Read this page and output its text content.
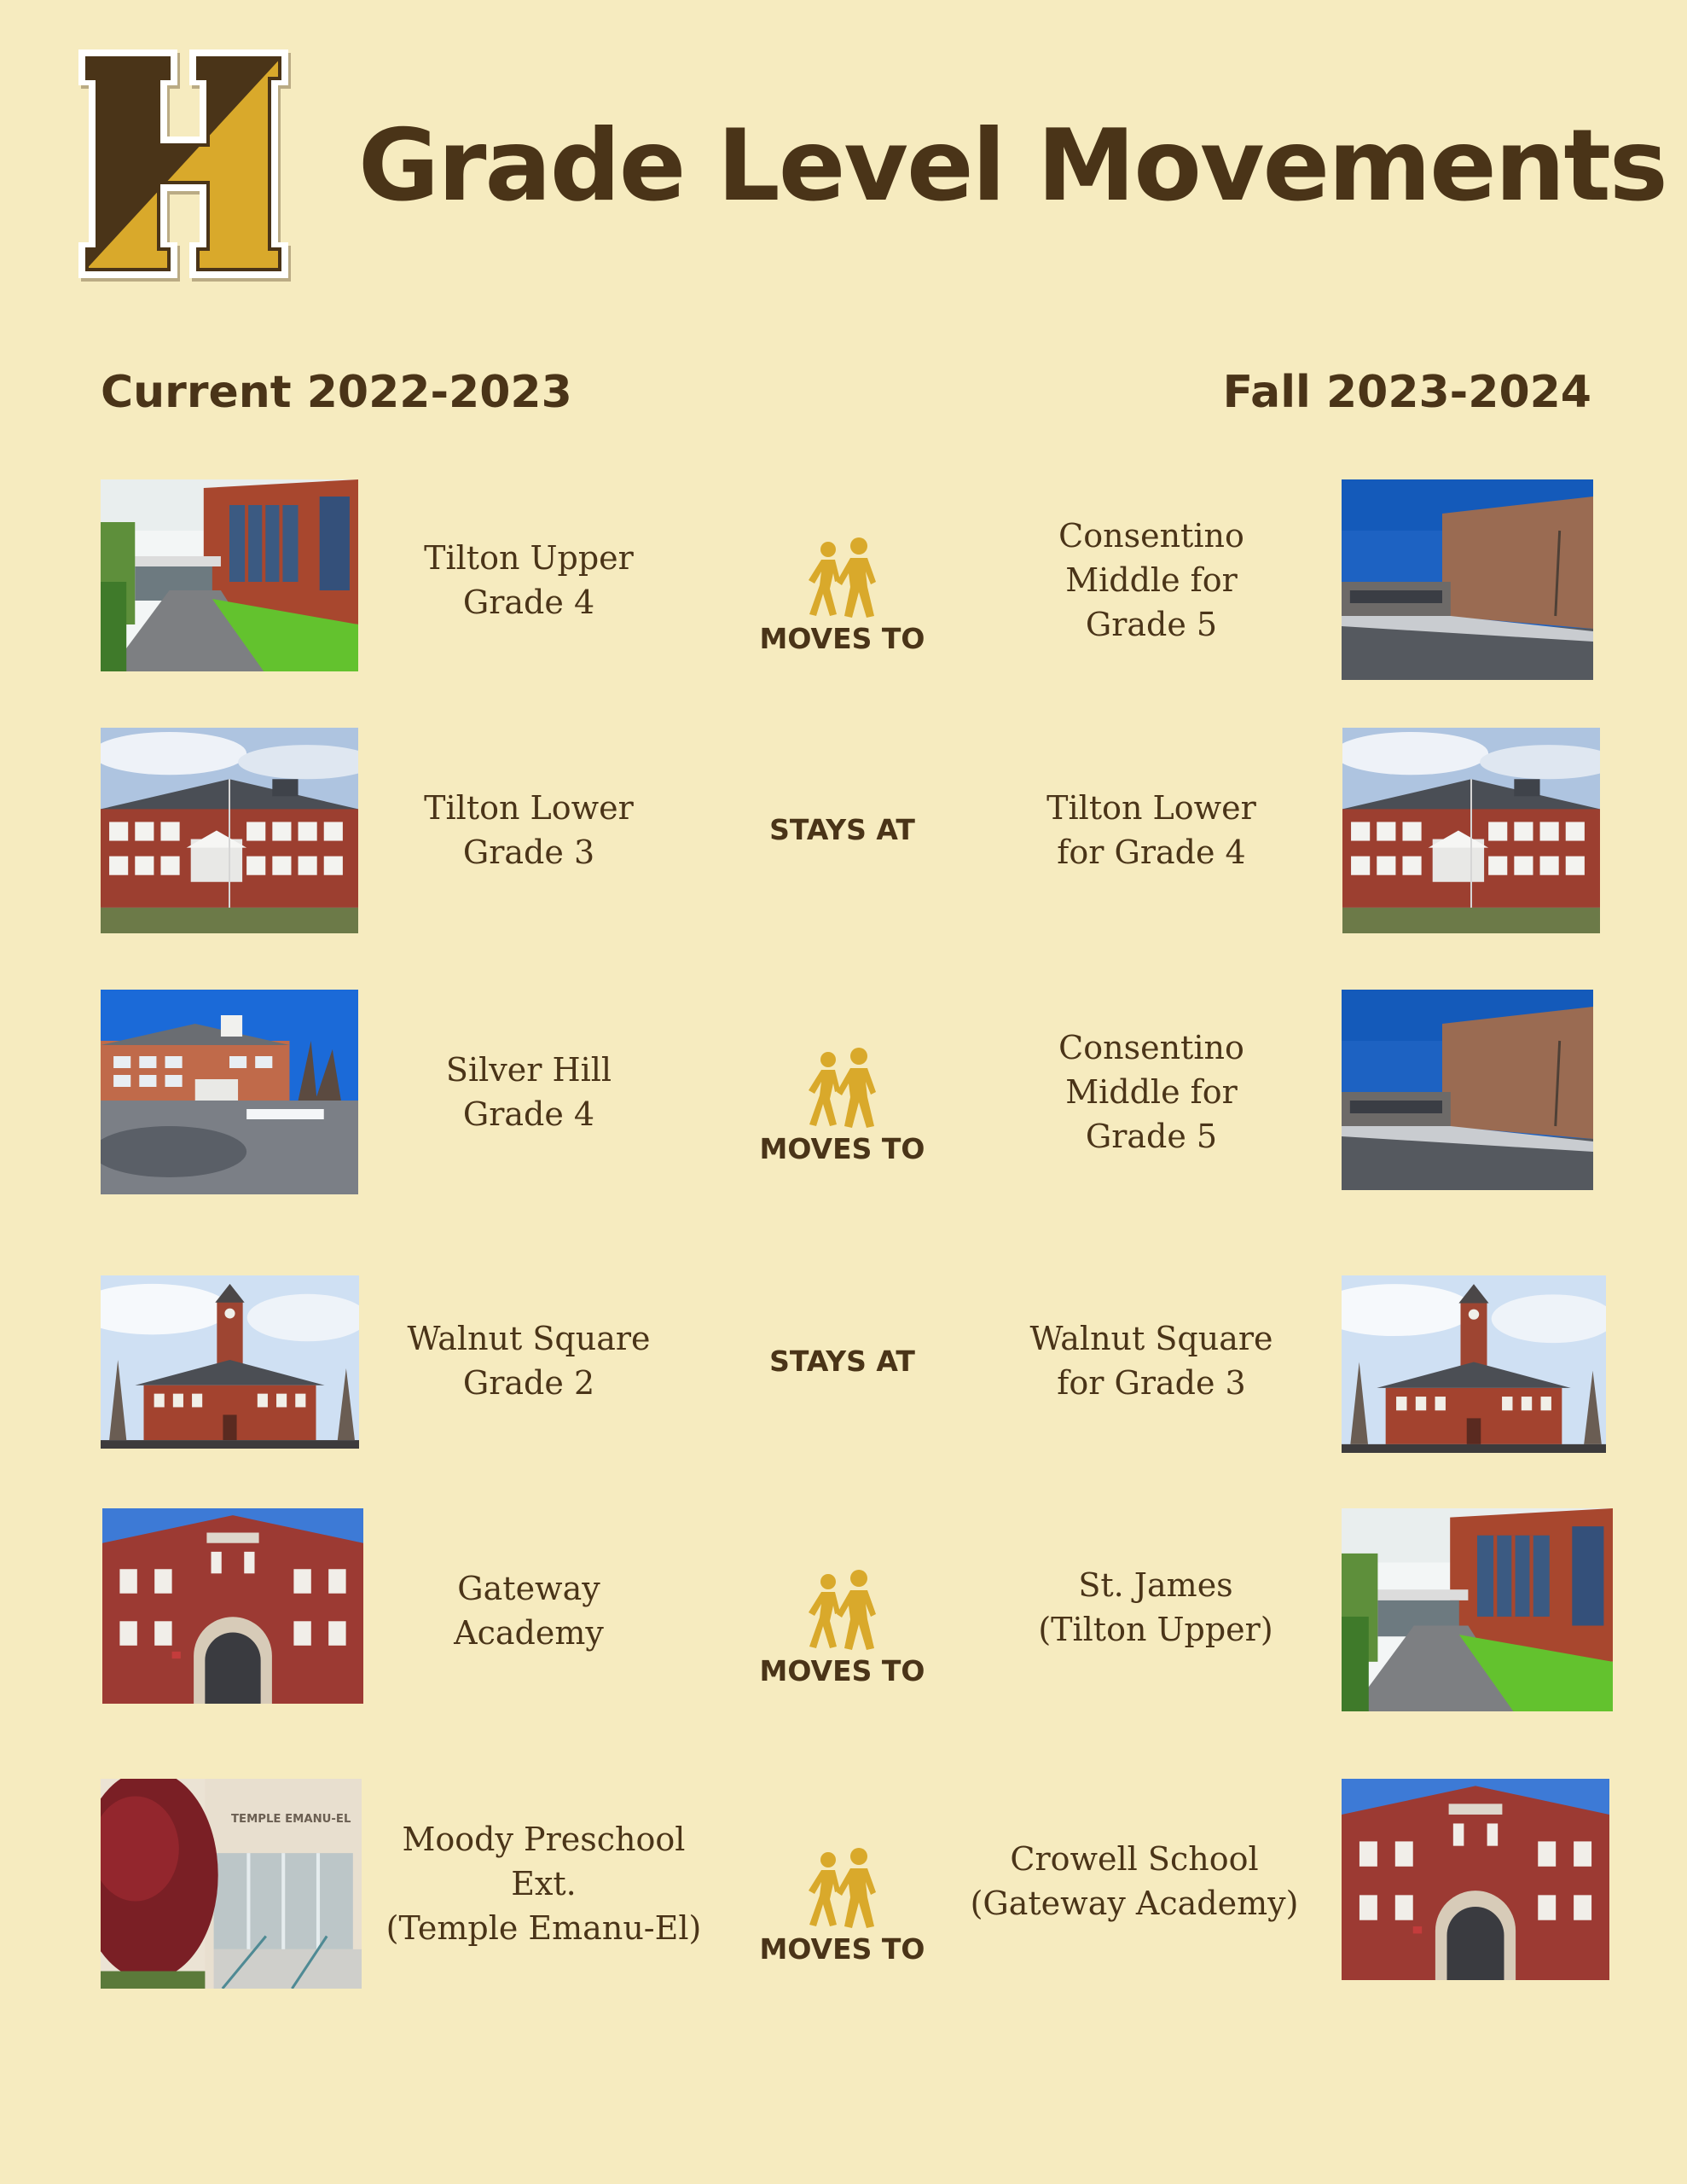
Grade Level Movements
Current 2022-2023	Fall 2023-2024
Tilton Upper
Grade 4
MOVES TO
Consentino
Middle for
Grade 5
Tilton Lower
Grade 3
STAYS AT
Tilton Lower
for Grade 4
Silver Hill
Grade 4
MOVES TO
Consentino
Middle for
Grade 5
Walnut Square
Grade 2
STAYS AT
Walnut Square
for Grade 3
Gateway
Academy
MOVES TO
St. James
(Tilton Upper)
Moody Preschool
Ext.
(Temple Emanu-El)
MOVES TO
Crowell School
(Gateway Academy)
